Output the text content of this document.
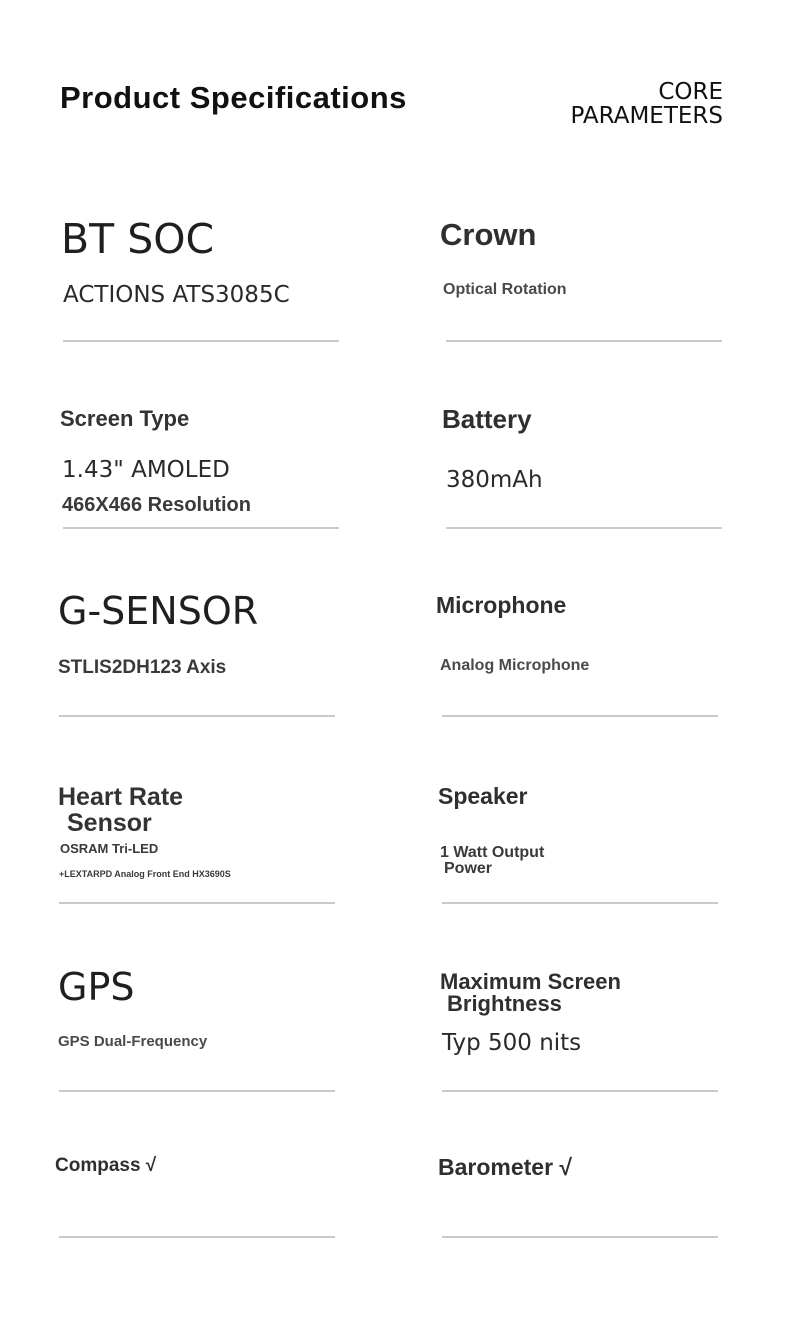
Product Specifications	CORE
PARAMETERS
BT SOC
ACTIONS ATS3085C
Crown
Optical Rotation
Screen Type
1.43" AMOLED
466X466 Resolution
Battery
380mAh
G-SENSOR
STLIS2DH123 Axis
Microphone
Analog Microphone
Heart Rate
Sensor
OSRAM Tri-LED
+LEXTARPD Analog Front End HX3690S
Speaker
1 Watt Output
Power
GPS
GPS Dual-Frequency
Maximum Screen
Brightness
Typ 500 nits
Compass √	Barometer √
